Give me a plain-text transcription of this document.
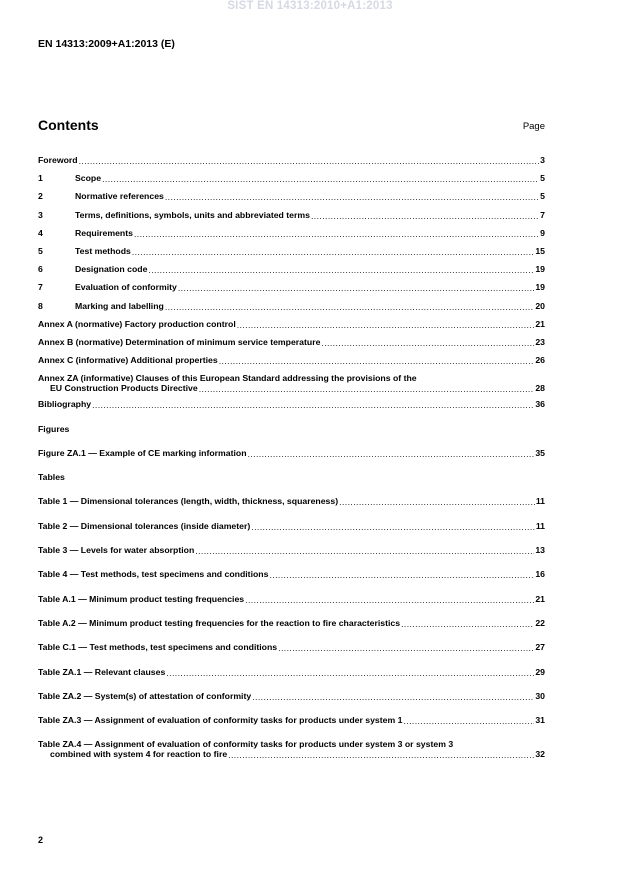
SIST EN 14313:2010+A1:2013
EN 14313:2009+A1:2013 (E)
Contents	Page
Foreword .....	3
1	Scope .....	5
2	Normative references .....	5
3	Terms, definitions, symbols, units and abbreviated terms .....	7
4	Requirements .....	9
5	Test methods .....	15
6	Designation code .....	19
7	Evaluation of conformity .....	19
8	Marking and labelling .....	20
Annex A (normative) Factory production control .....	21
Annex B (normative) Determination of minimum service temperature .....	23
Annex C (informative) Additional properties .....	26
Annex ZA (informative) Clauses of this European Standard addressing the provisions of the
EU Construction Products Directive .....	28
Bibliography .....	36
Figures
Figure ZA.1 — Example of CE marking information .....	35
Tables
Table 1 — Dimensional tolerances (length, width, thickness, squareness) .....	11
Table 2 — Dimensional tolerances (inside diameter) .....	11
Table 3 — Levels for water absorption .....	13
Table 4 — Test methods, test specimens and conditions .....	16
Table A.1 — Minimum product testing frequencies .....	21
Table A.2 — Minimum product testing frequencies for the reaction to fire characteristics .....	22
Table C.1 — Test methods, test specimens and conditions .....	27
Table ZA.1 — Relevant clauses .....	29
Table ZA.2 — System(s) of attestation of conformity .....	30
Table ZA.3 — Assignment of evaluation of conformity tasks for products under system 1 .....	31
Table ZA.4 — Assignment of evaluation of conformity tasks for products under system 3 or system 3
combined with system 4 for reaction to fire .....	32
2
